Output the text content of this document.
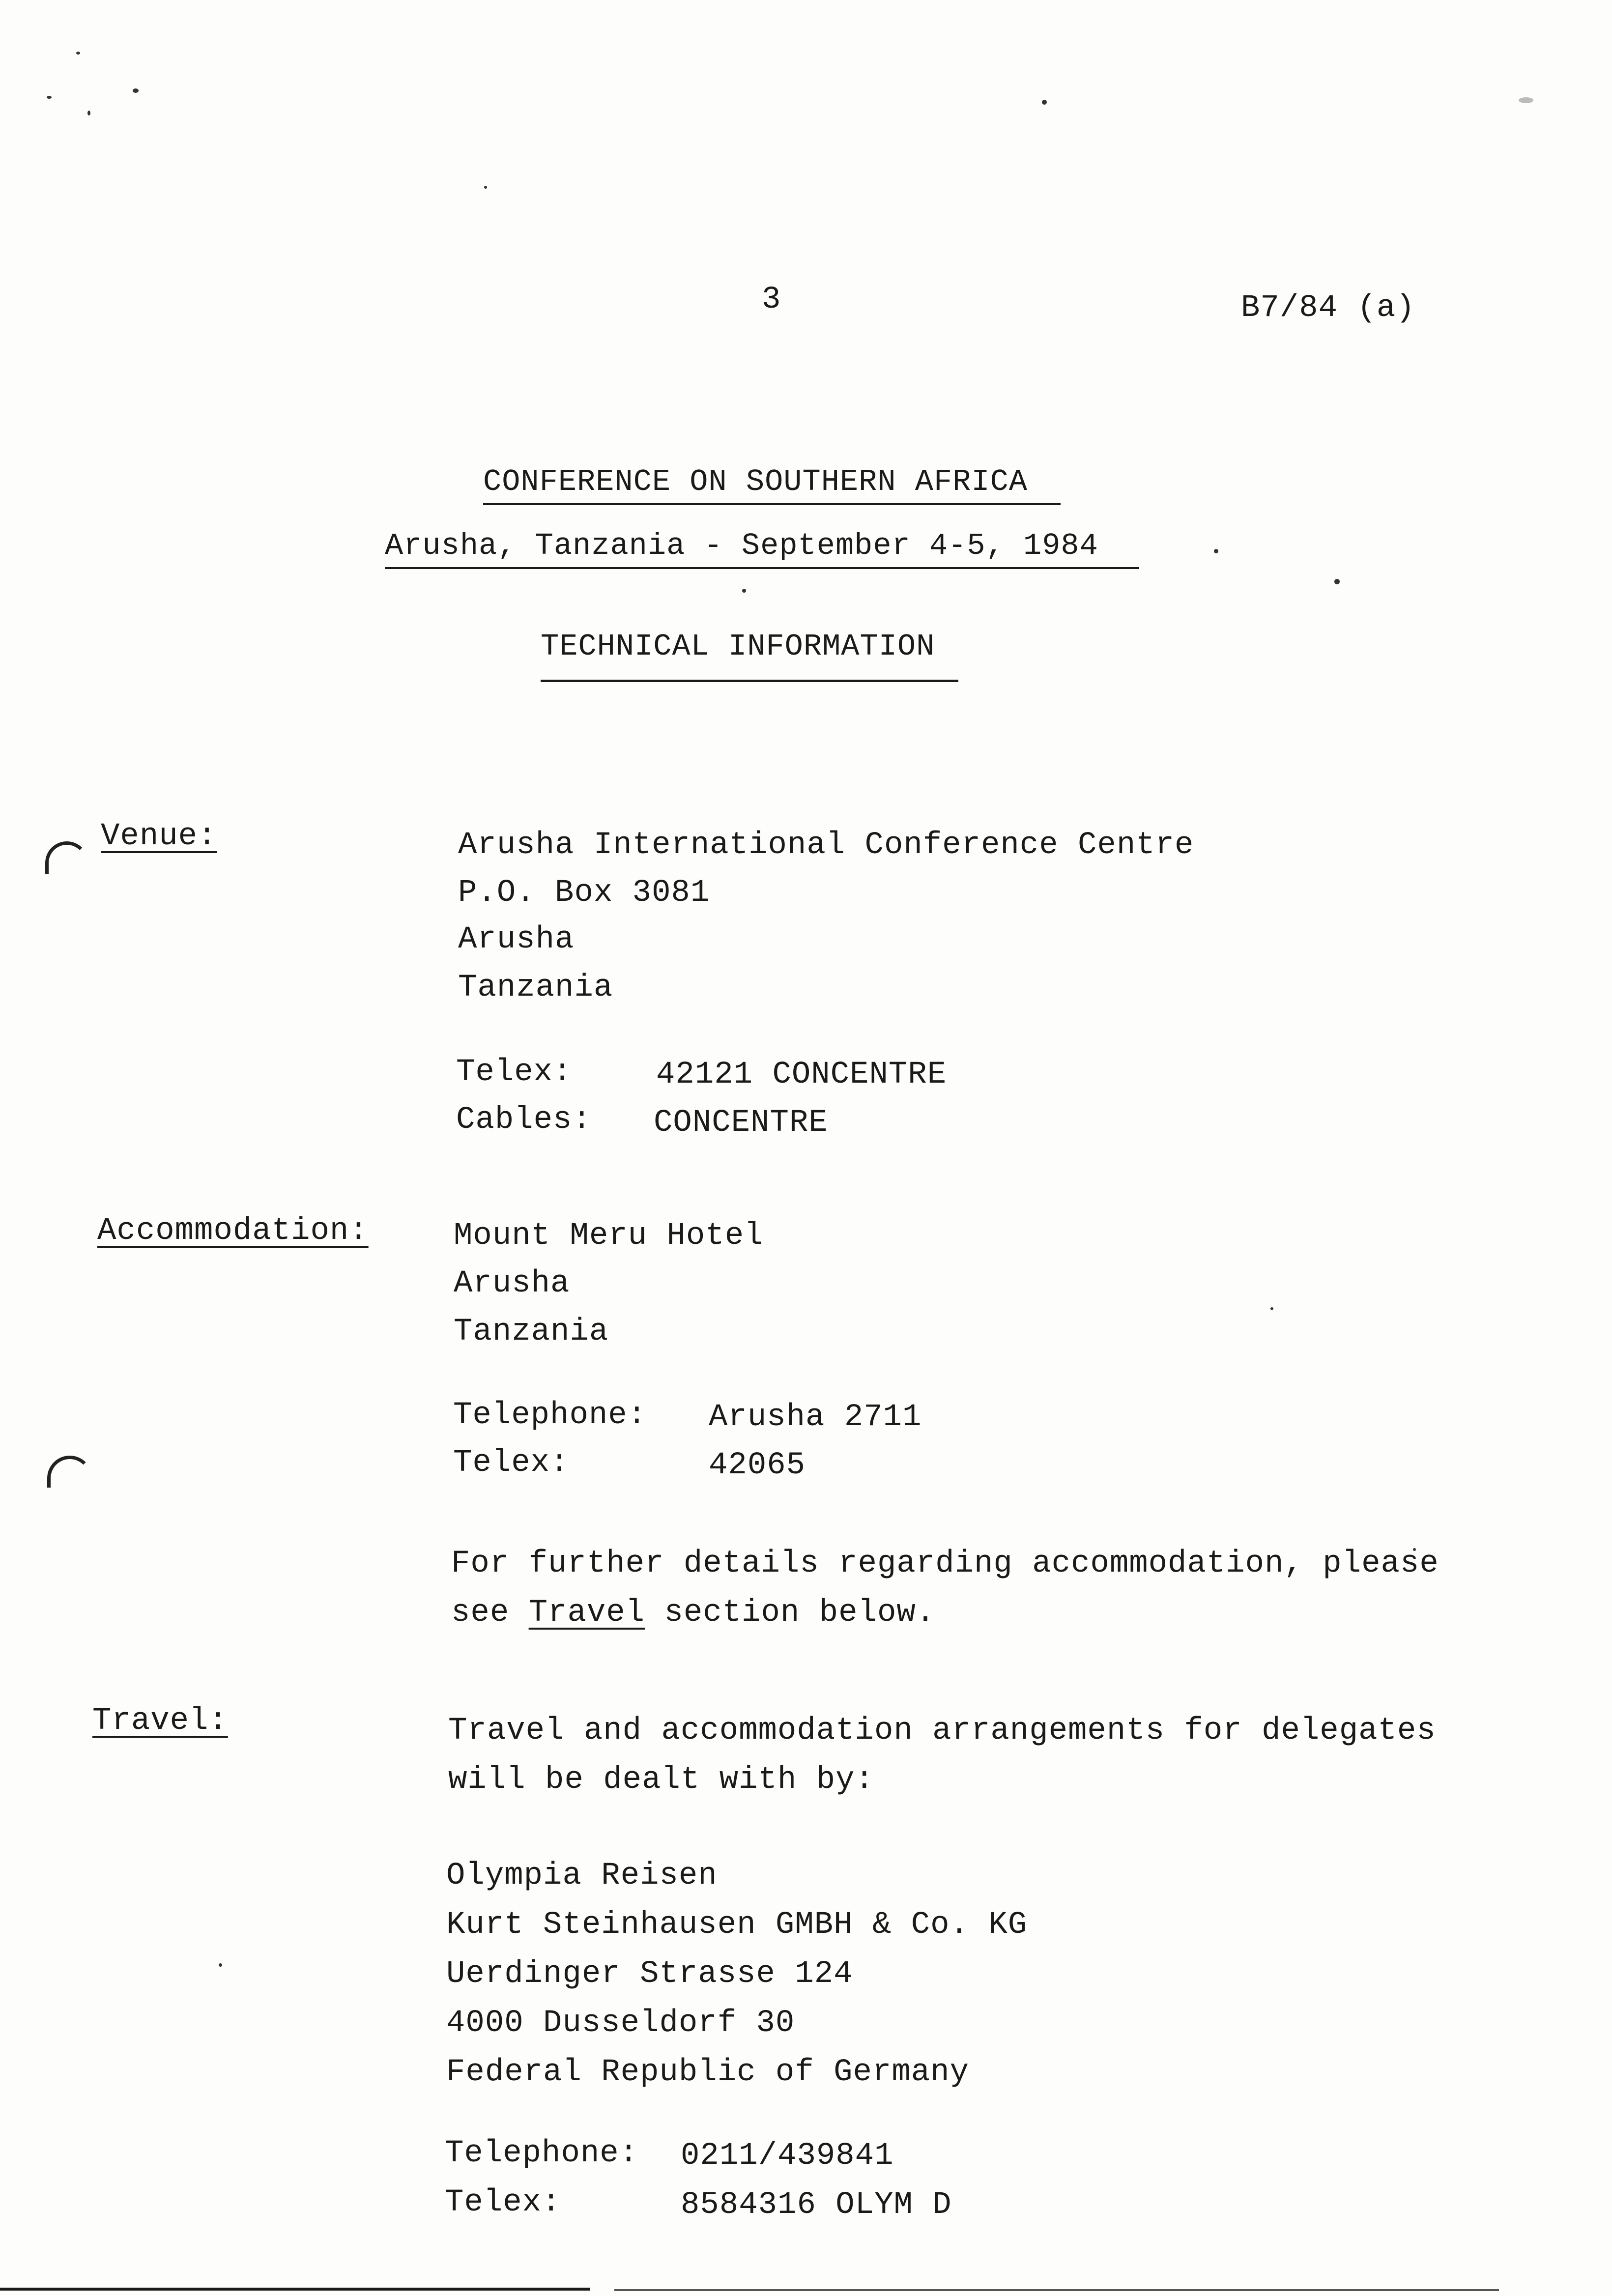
3	B7/84 (a)
CONFERENCE ON SOUTHERN AFRICA
Arusha, Tanzania - September 4-5, 1984
TECHNICAL INFORMATION
Venue:	Arusha International Conference Centre
P.O. Box 3081
Arusha
Tanzania
Telex:	42121 CONCENTRE
Cables: CONCENTRE
Accommodation:	Mount Meru Hotel
Arusha
Tanzania
Telephone: Arusha 2711
Telex:	42065
For further details regarding accommodation, please
see Travel section below.
Travel:	Travel and accommodation arrangements for delegates
will be dealt with by:
Olympia Reisen
Kurt Steinhausen GMBH & Co. KG
Uerdinger Strasse 124
4000 Dusseldorf 30
Federal Republic of Germany
Telephone: 0211/439841
Telex:	8584316 OLYM D
